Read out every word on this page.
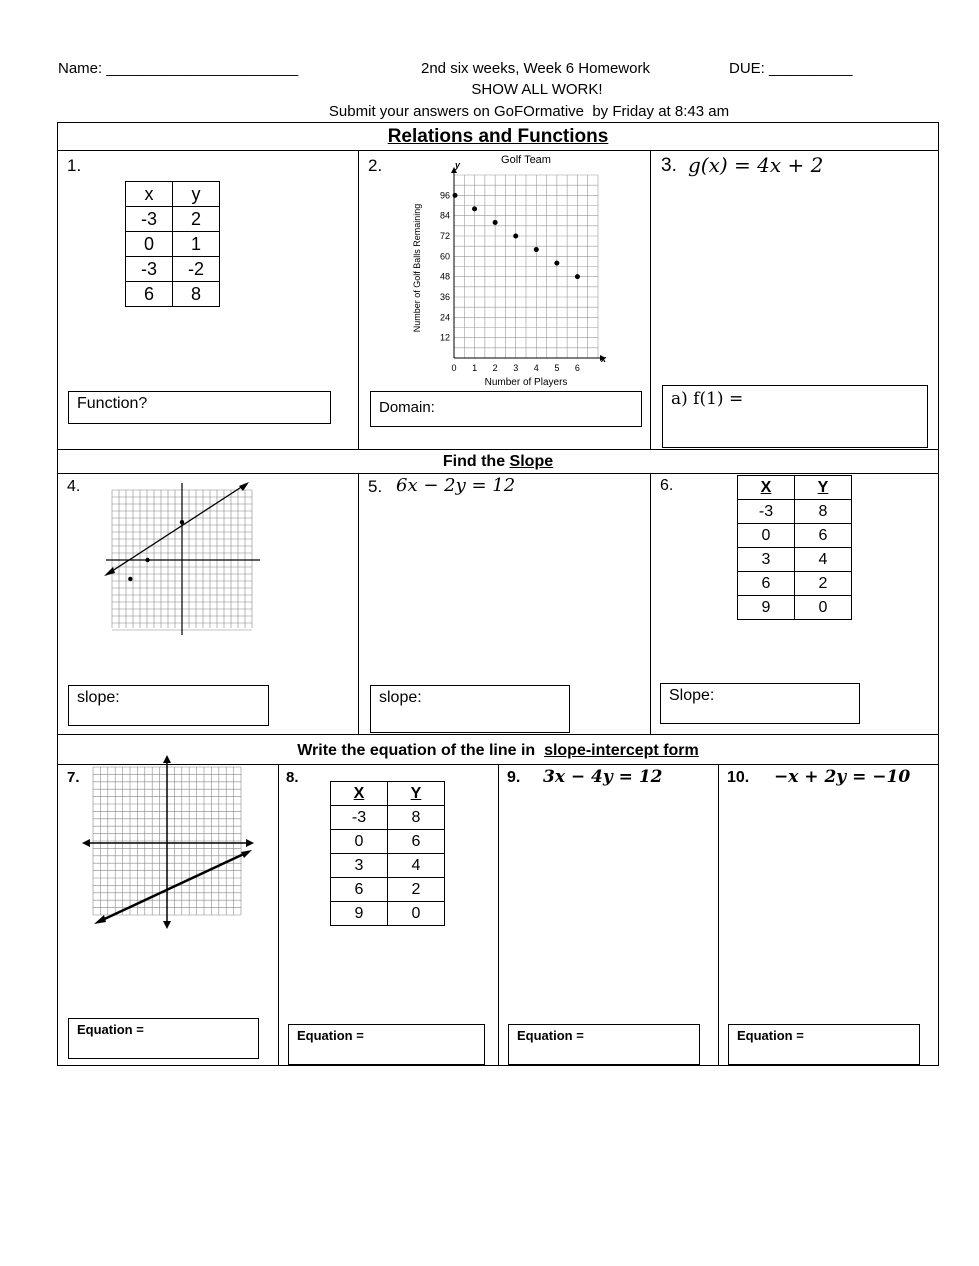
Name: _______________________	2nd six weeks, Week 6 Homework	DUE: __________
SHOW ALL WORK!
Submit your answers on GoFOrmative  by Friday at 8:43 am
Relations and Functions
1.
x	y
-3	2
0	1
-3	-2
6	8
Function?
2.	Golf Team
0 1 2 3 4 5 6
12
24
36
48
60
72
84
96
Number of Players
Number of Golf Balls Remaining
y
x
Domain:
3. g(x) = 4x + 2
a) f(1) =
Find the Slope
4.
slope:
5. 6x − 2y = 12
slope:
6.	X	Y
-3	8
0	6
3	4
6	2
9	0
Slope:
Write the equation of the line in  slope-intercept form
7.
Equation =
8.
X	Y
-3	8
0	6
3	4
6	2
9	0
Equation =
9. 3x − 4y = 12
Equation =
10. −x + 2y = −10
Equation =
